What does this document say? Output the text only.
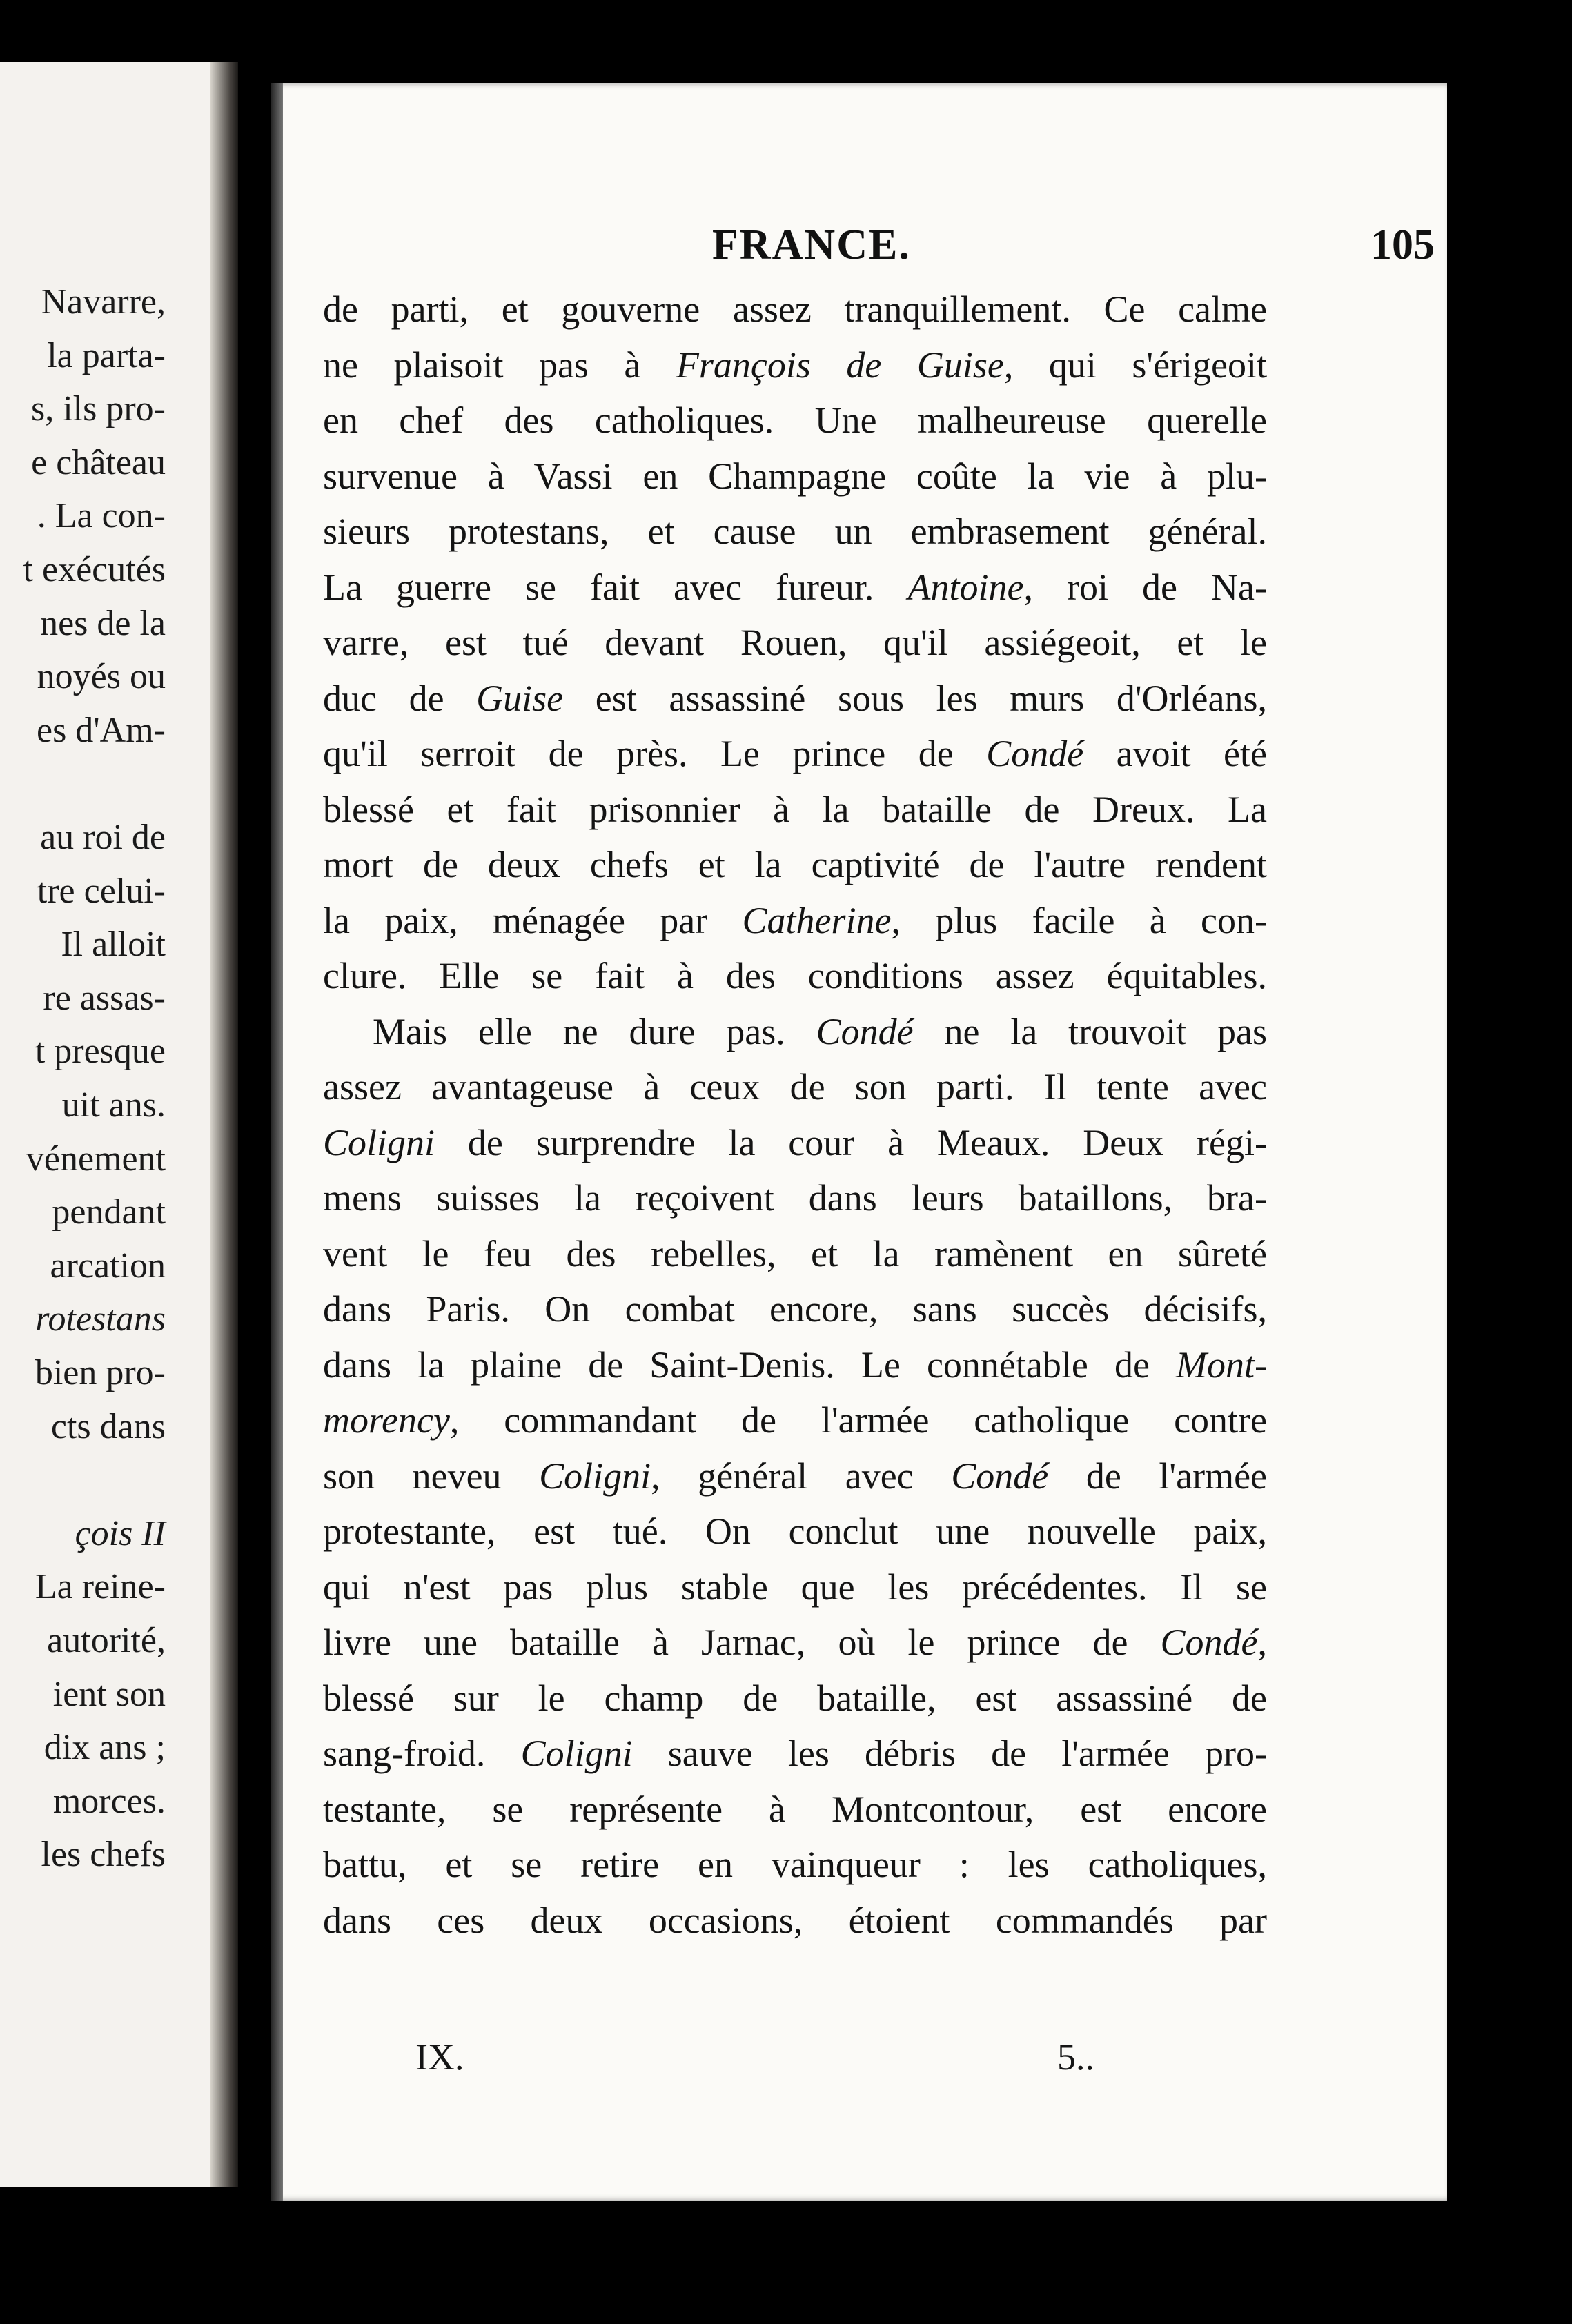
Navarre,
la parta-
s, ils pro-
e château
. La con-
t exécutés
nes de la
noyés ou
es d'Am-
au roi de
tre celui-
Il alloit
re assas-
t presque
uit ans.
vénement
pendant
arcation
rotestans
bien pro-
cts dans
çois II
La reine-
autorité,
ient son
dix ans ;
morces.
les chefs
FRANCE.	105
de parti, et gouverne assez tranquillement. Ce calme
ne plaisoit pas à François de Guise, qui s'érigeoit
en chef des catholiques. Une malheureuse querelle
survenue à Vassi en Champagne coûte la vie à plu-
sieurs protestans, et cause un embrasement général.
La guerre se fait avec fureur. Antoine, roi de Na-
varre, est tué devant Rouen, qu'il assiégeoit, et le
duc de Guise est assassiné sous les murs d'Orléans,
qu'il serroit de près. Le prince de Condé avoit été
blessé et fait prisonnier à la bataille de Dreux. La
mort de deux chefs et la captivité de l'autre rendent
la paix, ménagée par Catherine, plus facile à con-
clure. Elle se fait à des conditions assez équitables.
Mais elle ne dure pas. Condé ne la trouvoit pas
assez avantageuse à ceux de son parti. Il tente avec
Coligni de surprendre la cour à Meaux. Deux régi-
mens suisses la reçoivent dans leurs bataillons, bra-
vent le feu des rebelles, et la ramènent en sûreté
dans Paris. On combat encore, sans succès décisifs,
dans la plaine de Saint-Denis. Le connétable de Mont-
morency, commandant de l'armée catholique contre
son neveu Coligni, général avec Condé de l'armée
protestante, est tué. On conclut une nouvelle paix,
qui n'est pas plus stable que les précédentes. Il se
livre une bataille à Jarnac, où le prince de Condé,
blessé sur le champ de bataille, est assassiné de
sang-froid. Coligni sauve les débris de l'armée pro-
testante, se représente à Montcontour, est encore
battu, et se retire en vainqueur : les catholiques,
dans ces deux occasions, étoient commandés par
IX.	5..
